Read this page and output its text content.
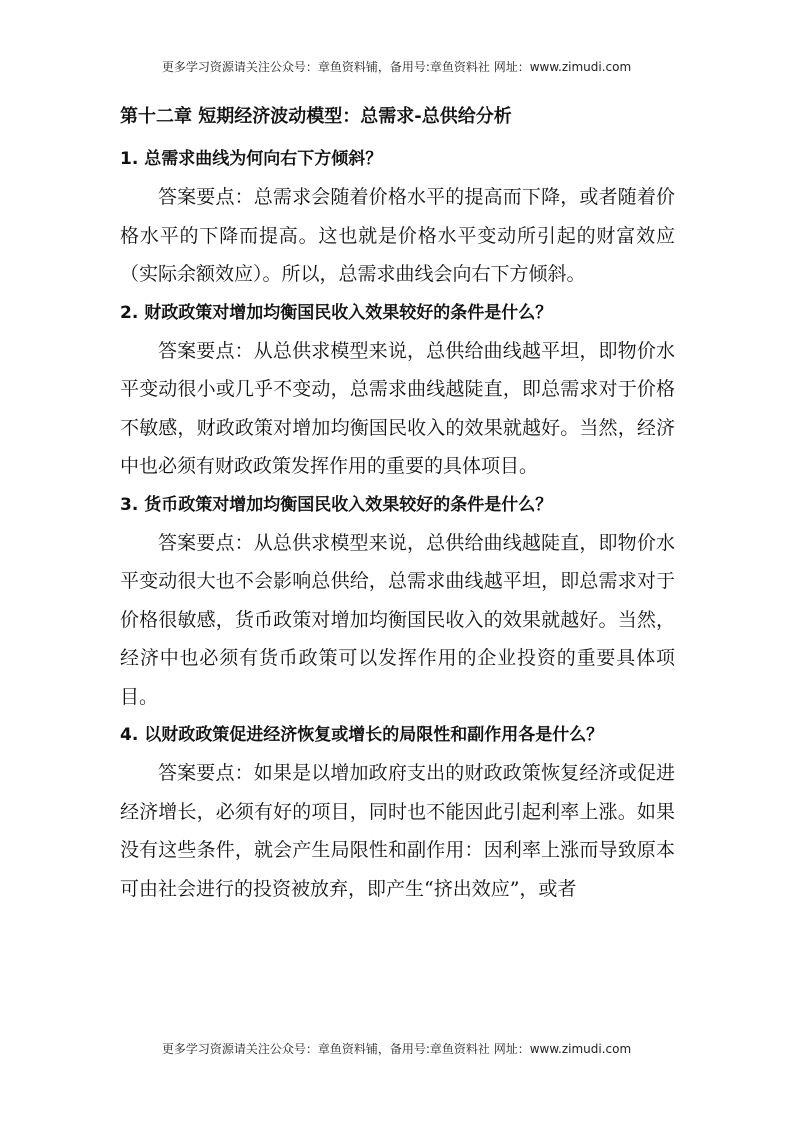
更多学习资源请关注公众号：章鱼资料铺，备用号:章鱼资料社 网址：www.zimudi.com
第十二章 短期经济波动模型：总需求-总供给分析

1. 总需求曲线为何向右下方倾斜？

答案要点：总需求会随着价格水平的提高而下降，或者随着价格水平的下降而提高。这也就是价格水平变动所引起的财富效应（实际余额效应）。所以，总需求曲线会向右下方倾斜。

2. 财政政策对增加均衡国民收入效果较好的条件是什么？

答案要点：从总供求模型来说，总供给曲线越平坦，即物价水平变动很小或几乎不变动，总需求曲线越陡直，即总需求对于价格不敏感，财政政策对增加均衡国民收入的效果就越好。当然，经济中也必须有财政政策发挥作用的重要的具体项目。

3. 货币政策对增加均衡国民收入效果较好的条件是什么？

答案要点：从总供求模型来说，总供给曲线越陡直，即物价水平变动很大也不会影响总供给，总需求曲线越平坦，即总需求对于价格很敏感，货币政策对增加均衡国民收入的效果就越好。当然，经济中也必须有货币政策可以发挥作用的企业投资的重要具体项目。

4. 以财政政策促进经济恢复或增长的局限性和副作用各是什么？

答案要点：如果是以增加政府支出的财政政策恢复经济或促进经济增长，必须有好的项目，同时也不能因此引起利率上涨。如果没有这些条件，就会产生局限性和副作用：因利率上涨而导致原本可由社会进行的投资被放弃，即产生“挤出效应”，或者

更多学习资源请关注公众号：章鱼资料铺，备用号:章鱼资料社 网址：www.zimudi.com
